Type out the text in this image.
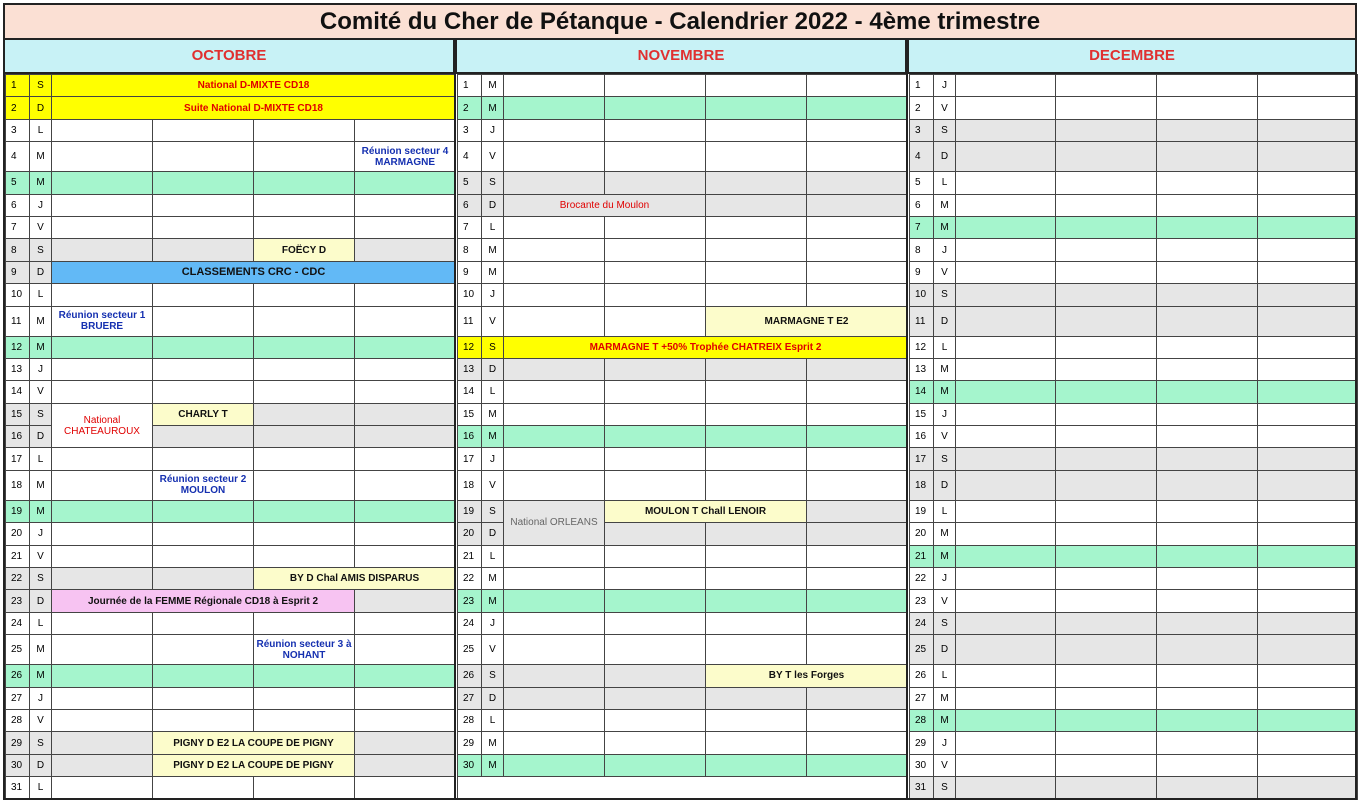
Comité du Cher de Pétanque - Calendrier 2022 - 4ème trimestre
OCTOBRE	NOVEMBRE	DECEMBRE
1	S	National D-MIXTE CD18			
2	D	Suite National D-MIXTE CD18			
3	L				
4	M				Réunion secteur 4 MARMAGNE
5	M				
6	J				
7	V				
8	S			FOËCY D	
9	D	CLASSEMENTS CRC - CDC			
10	L				
11	M	Réunion secteur 1 BRUERE			
12	M				
13	J				
14	V				
15	S	National CHATEAUROUX	CHARLY T		
16	D				
17	L				
18	M		Réunion secteur 2 MOULON		
19	M				
20	J				
21	V				
22	S			BY D Chal AMIS DISPARUS	
23	D	Journée de la FEMME Régionale CD18 à Esprit 2			
24	L				
25	M			Réunion secteur 3 à NOHANT	
26	M				
27	J				
28	V				
29	S		PIGNY D E2 LA COUPE DE PIGNY		
30	D		PIGNY D E2 LA COUPE DE PIGNY		
31	L				
1	M				
2	M				
3	J				
4	V				
5	S				
6	D	Brocante du Moulon			
7	L				
8	M				
9	M				
10	J				
11	V			MARMAGNE T E2	
12	S	MARMAGNE T +50% Trophée CHATREIX Esprit 2			
13	D				
14	L				
15	M				
16	M				
17	J				
18	V				
19	S	National ORLEANS	MOULON T Chall LENOIR		
20	D				
21	L				
22	M				
23	M				
24	J				
25	V				
26	S			BY T les Forges	
27	D				
28	L				
29	M				
30	M				

1	J				
2	V				
3	S				
4	D				
5	L				
6	M				
7	M				
8	J				
9	V				
10	S				
11	D				
12	L				
13	M				
14	M				
15	J				
16	V				
17	S				
18	D				
19	L				
20	M				
21	M				
22	J				
23	V				
24	S				
25	D				
26	L				
27	M				
28	M				
29	J				
30	V				
31	S				
